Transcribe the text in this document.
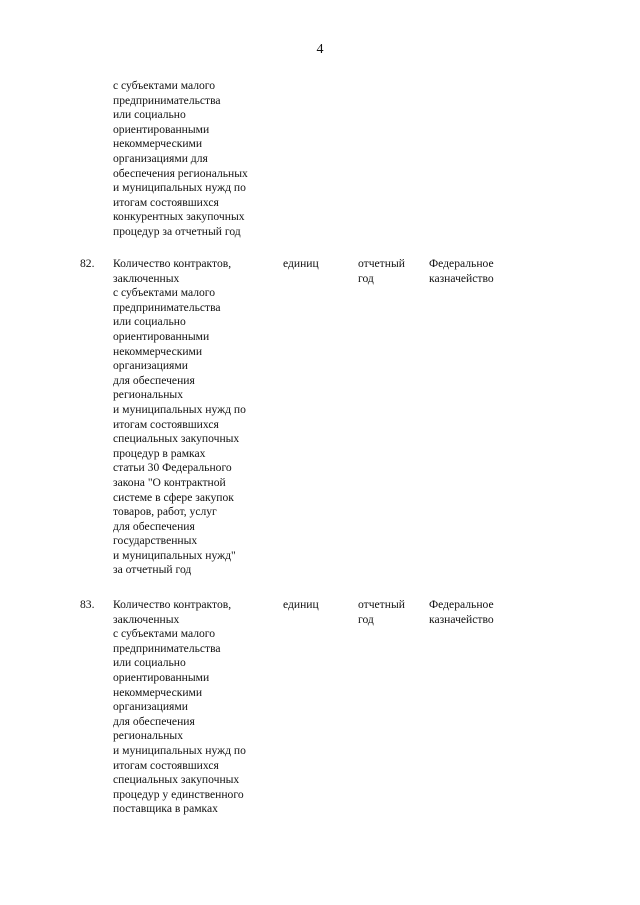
4
с субъектами малого
предпринимательства
или социально
ориентированными
некоммерческими
организациями для
обеспечения региональных
и муниципальных нужд по
итогам состоявшихся
конкурентных закупочных
процедур за отчетный год
82. Количество контрактов,
заключенных
с субъектами малого
предпринимательства
или социально
ориентированными
некоммерческими
организациями
для обеспечения
региональных
и муниципальных нужд по
итогам состоявшихся
специальных закупочных
процедур в рамках
статьи 30 Федерального
закона "О контрактной
системе в сфере закупок
товаров, работ, услуг
для обеспечения
государственных
и муниципальных нужд"
за отчетный год
единиц	отчетный
год
Федеральное
казначейство
83. Количество контрактов,
заключенных
с субъектами малого
предпринимательства
или социально
ориентированными
некоммерческими
организациями
для обеспечения
региональных
и муниципальных нужд по
итогам состоявшихся
специальных закупочных
процедур у единственного
поставщика в рамках
единиц	отчетный
год
Федеральное
казначейство
